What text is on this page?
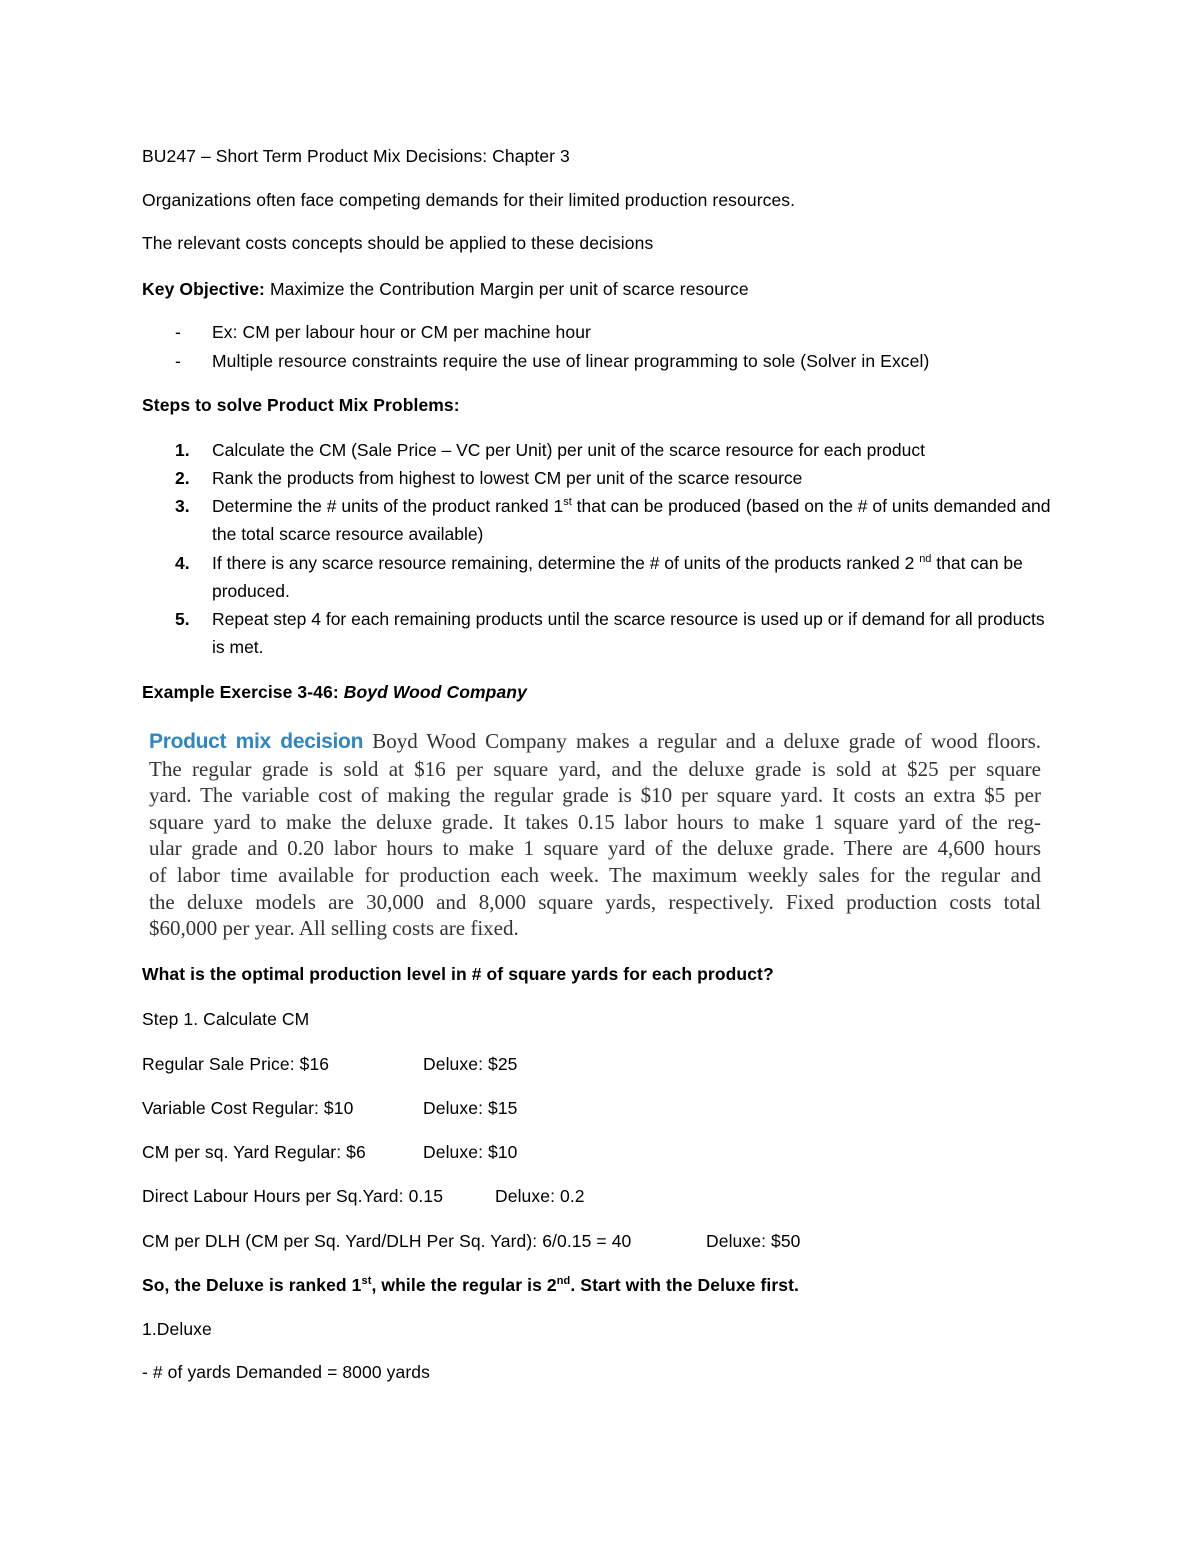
BU247 – Short Term Product Mix Decisions: Chapter 3
Organizations often face competing demands for their limited production resources.
The relevant costs concepts should be applied to these decisions
Key Objective: Maximize the Contribution Margin per unit of scarce resource
- Ex: CM per labour hour or CM per machine hour
- Multiple resource constraints require the use of linear programming to sole (Solver in Excel)
Steps to solve Product Mix Problems:
1. Calculate the CM (Sale Price – VC per Unit) per unit of the scarce resource for each product
2. Rank the products from highest to lowest CM per unit of the scarce resource
3. Determine the # units of the product ranked 1st that can be produced (based on the # of units demanded and the total scarce resource available)
4. If there is any scarce resource remaining, determine the # of units of the products ranked 2 $^{nd}$ that can be produced.
5. Repeat step 4 for each remaining products until the scarce resource is used up or if demand for all products is met.
Example Exercise 3-46: Boyd Wood Company
Product mix decision Boyd Wood Company makes a regular and a deluxe grade of wood floors.
The regular grade is sold at $16 per square yard, and the deluxe grade is sold at $25 per square
yard. The variable cost of making the regular grade is $10 per square yard. It costs an extra $5 per
square yard to make the deluxe grade. It takes 0.15 labor hours to make 1 square yard of the reg-
ular grade and 0.20 labor hours to make 1 square yard of the deluxe grade. There are 4,600 hours
of labor time available for production each week. The maximum weekly sales for the regular and
the deluxe models are 30,000 and 8,000 square yards, respectively. Fixed production costs total
$60,000 per year. All selling costs are fixed.
What is the optimal production level in # of square yards for each product?
Step 1. Calculate CM
Regular Sale Price: $16	Deluxe: $25
Variable Cost Regular: $10	Deluxe: $15
CM per sq. Yard Regular: $6	Deluxe: $10
Direct Labour Hours per Sq.Yard: 0.15	Deluxe: 0.2
CM per DLH (CM per Sq. Yard/DLH Per Sq. Yard): 6/0.15 = 40	Deluxe: $50
So, the Deluxe is ranked 1st, while the regular is 2nd. Start with the Deluxe first.
1.Deluxe
- # of yards Demanded = 8000 yards
